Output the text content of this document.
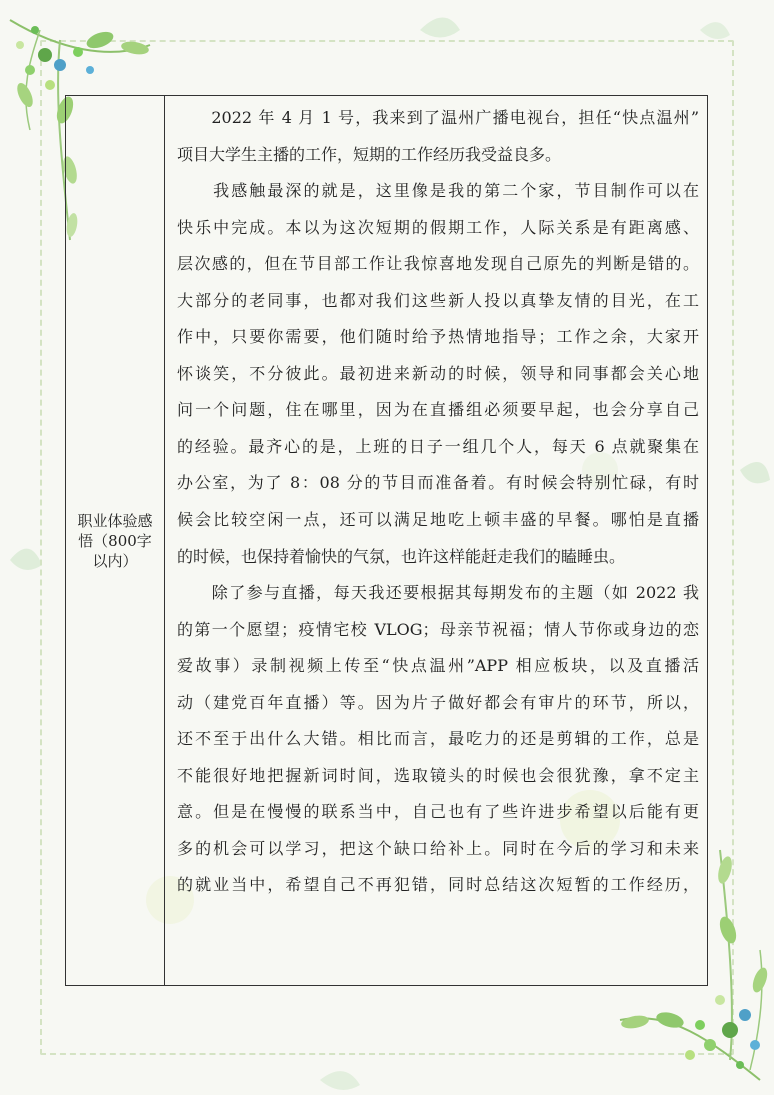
职业体验感悟（800字以内）
　　2022 年 4 月 1 号，我来到了温州广播电视台，担任“快点温州”
项目大学生主播的工作，短期的工作经历我受益良多。
　　我感触最深的就是，这里像是我的第二个家，节目制作可以在
快乐中完成。本以为这次短期的假期工作，人际关系是有距离感、
层次感的，但在节目部工作让我惊喜地发现自己原先的判断是错的。
大部分的老同事，也都对我们这些新人投以真挚友情的目光，在工
作中，只要你需要，他们随时给予热情地指导；工作之余，大家开
怀谈笑，不分彼此。最初进来新动的时候，领导和同事都会关心地
问一个问题，住在哪里，因为在直播组必须要早起，也会分享自己
的经验。最齐心的是，上班的日子一组几个人，每天 6 点就聚集在
办公室，为了 8：08 分的节目而准备着。有时候会特别忙碌，有时
候会比较空闲一点，还可以满足地吃上顿丰盛的早餐。哪怕是直播
的时候，也保持着愉快的气氛，也许这样能赶走我们的瞌睡虫。
　　除了参与直播，每天我还要根据其每期发布的主题（如 2022 我
的第一个愿望；疫情宅校 VLOG；母亲节祝福；情人节你或身边的恋
爱故事）录制视频上传至“快点温州”APP 相应板块，以及直播活
动（建党百年直播）等。因为片子做好都会有审片的环节，所以，
还不至于出什么大错。相比而言，最吃力的还是剪辑的工作，总是
不能很好地把握新词时间，选取镜头的时候也会很犹豫，拿不定主
意。但是在慢慢的联系当中，自己也有了些许进步希望以后能有更
多的机会可以学习，把这个缺口给补上。同时在今后的学习和未来
的就业当中，希望自己不再犯错，同时总结这次短暂的工作经历，
